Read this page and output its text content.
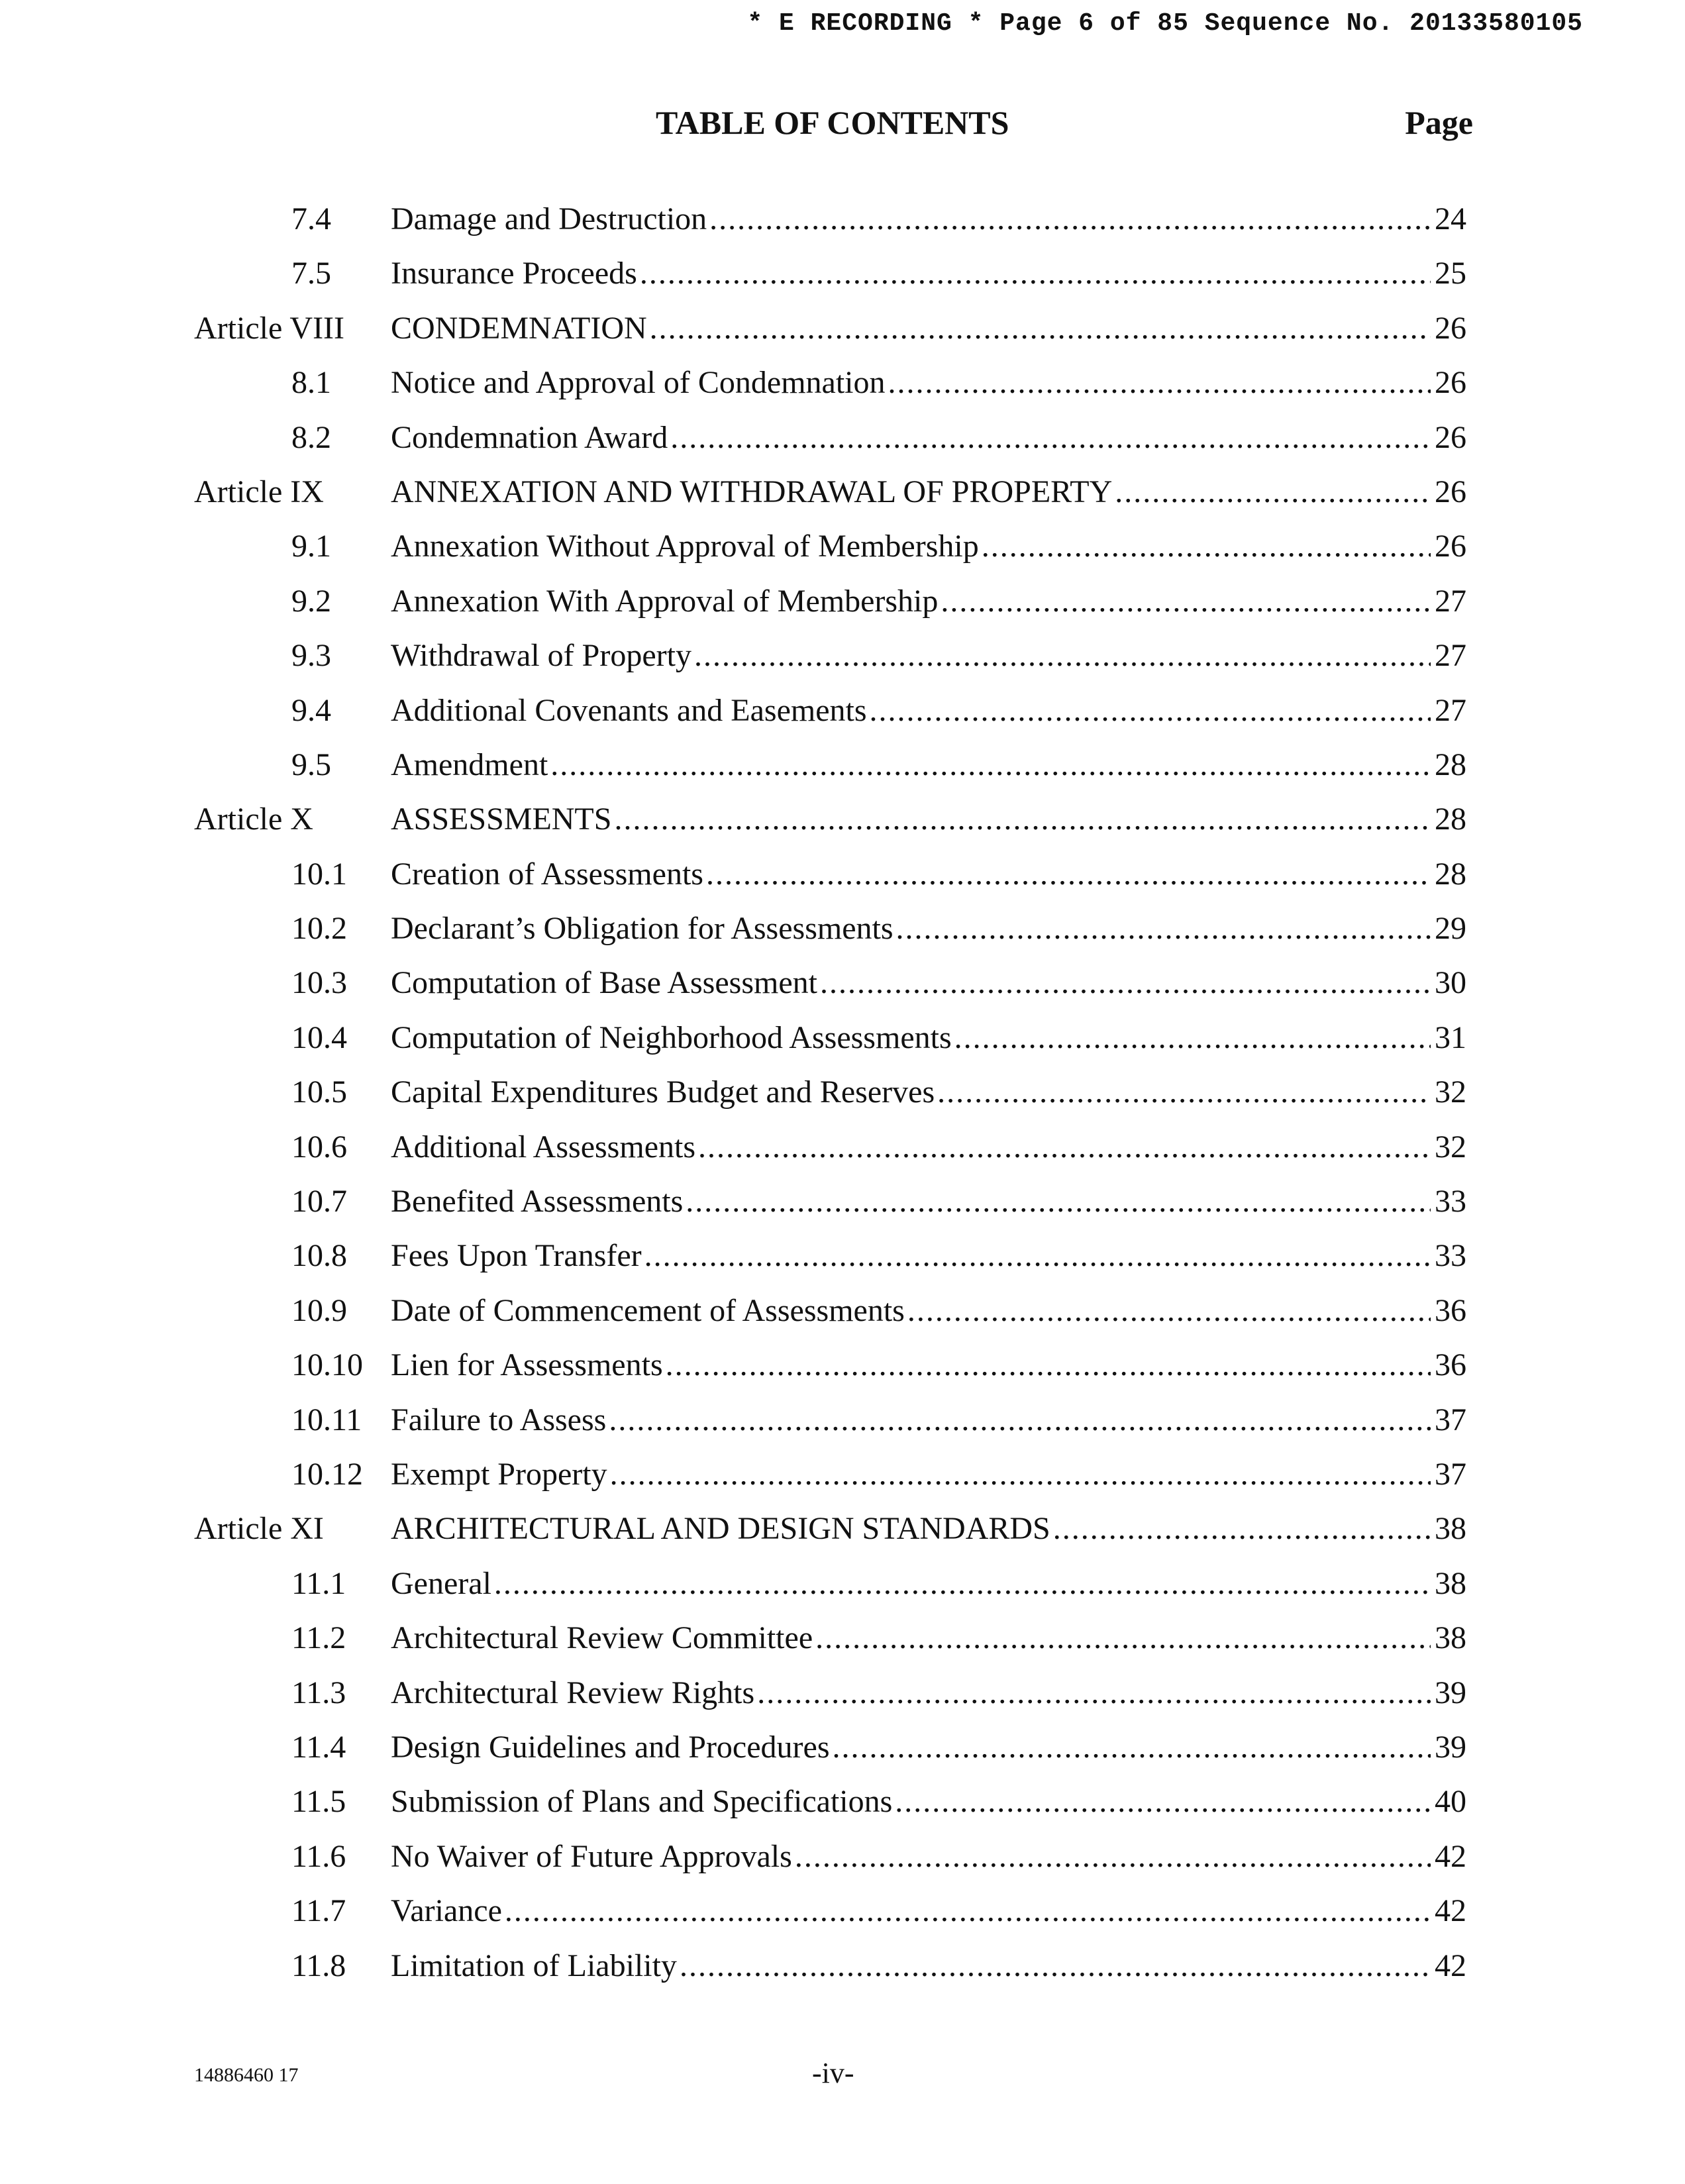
* E RECORDING * Page 6 of 85 Sequence No. 20133580105
TABLE OF CONTENTS	Page
7.4 Damage and Destruction .....	24
7.5 Insurance Proceeds .....	25
Article VIII CONDEMNATION .....	26
8.1 Notice and Approval of Condemnation .....	26
8.2 Condemnation Award .....	26
Article IX ANNEXATION AND WITHDRAWAL OF PROPERTY .....	26
9.1 Annexation Without Approval of Membership .....	26
9.2 Annexation With Approval of Membership .....	27
9.3 Withdrawal of Property .....	27
9.4 Additional Covenants and Easements .....	27
9.5 Amendment .....	28
Article X ASSESSMENTS .....	28
10.1 Creation of Assessments .....	28
10.2 Declarant’s Obligation for Assessments .....	29
10.3 Computation of Base Assessment .....	30
10.4 Computation of Neighborhood Assessments .....	31
10.5 Capital Expenditures Budget and Reserves .....	32
10.6 Additional Assessments .....	32
10.7 Benefited Assessments .....	33
10.8 Fees Upon Transfer .....	33
10.9 Date of Commencement of Assessments .....	36
10.10 Lien for Assessments .....	36
10.11 Failure to Assess .....	37
10.12 Exempt Property .....	37
Article XI ARCHITECTURAL AND DESIGN STANDARDS .....	38
11.1 General .....	38
11.2 Architectural Review Committee .....	38
11.3 Architectural Review Rights .....	39
11.4 Design Guidelines and Procedures .....	39
11.5 Submission of Plans and Specifications .....	40
11.6 No Waiver of Future Approvals .....	42
11.7 Variance .....	42
11.8 Limitation of Liability .....	42
14886460 17	-iv-
